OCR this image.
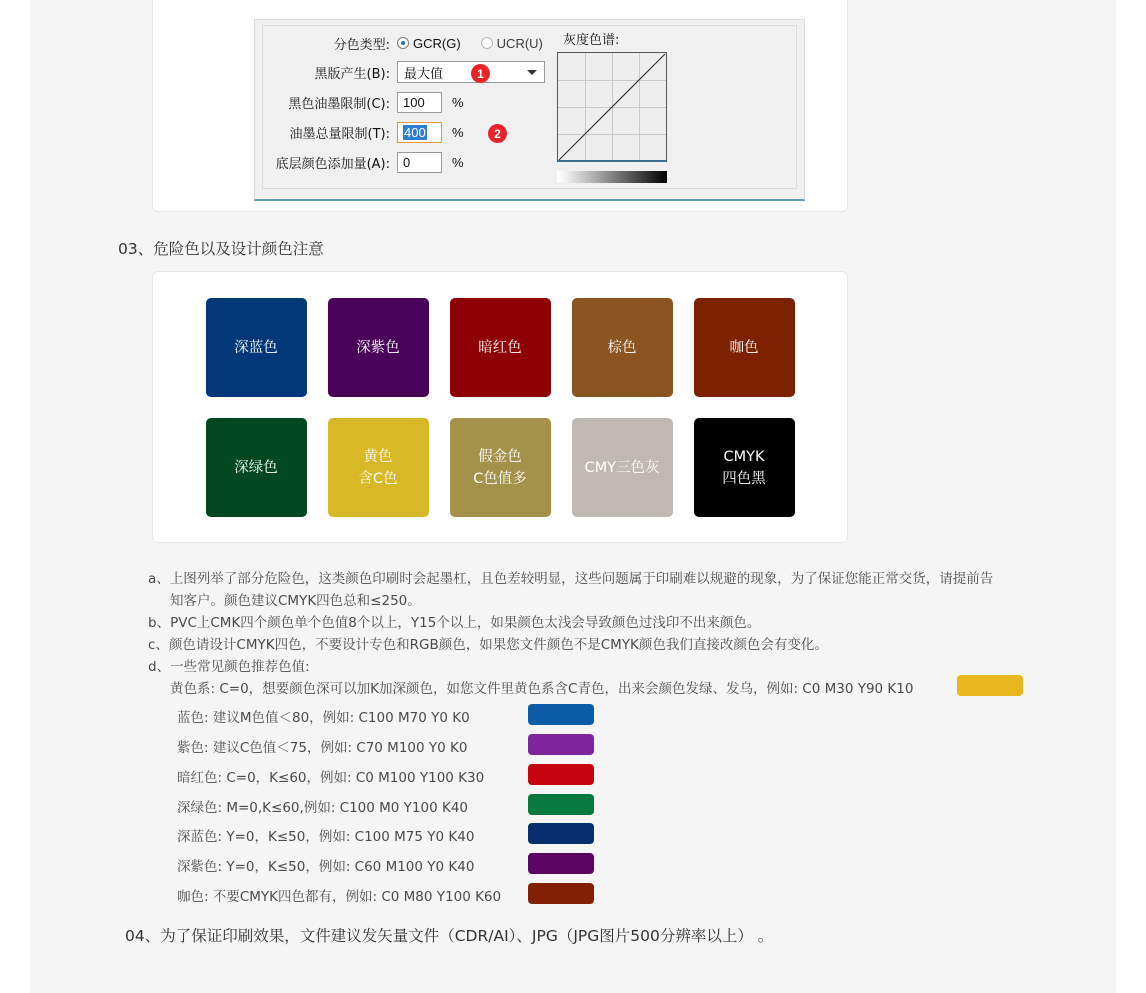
分色类型:	GCR(G)	UCR(U)
黑版产生(B):	最大值	1
黑色油墨限制(C):	100 %
油墨总量限制(T):	400 %	2
底层颜色添加量(A):	0	%
灰度色谱:
03、危险色以及设计颜色注意
深蓝色	深紫色	暗红色	棕色	咖色
深绿色
黄色
含C色
假金色
C色值多
CMY三色灰
CMYK
四色黑
a、上图列举了部分危险色，这类颜色印刷时会起墨杠，且色差较明显，这些问题属于印刷难以规避的现象，为了保证您能正常交货，请提前告
知客户。颜色建议CMYK四色总和≤250。
b、PVC上CMK四个颜色单个色值8个以上，Y15个以上，如果颜色太浅会导致颜色过浅印不出来颜色。
c、颜色请设计CMYK四色，不要设计专色和RGB颜色，如果您文件颜色不是CMYK颜色我们直接改颜色会有变化。
d、一些常见颜色推荐色值:
黄色系: C=0，想要颜色深可以加K加深颜色，如您文件里黄色系含C青色，出来会颜色发绿、发乌，例如: C0 M30 Y90 K10
蓝色: 建议M色值＜80，例如: C100 M70 Y0 K0
紫色: 建议C色值＜75，例如: C70 M100 Y0 K0
暗红色: C=0，K≤60，例如: C0 M100 Y100 K30
深绿色: M=0,K≤60,例如: C100 M0 Y100 K40
深蓝色: Y=0，K≤50，例如: C100 M75 Y0 K40
深紫色: Y=0，K≤50，例如: C60 M100 Y0 K40
咖色: 不要CMYK四色都有，例如: C0 M80 Y100 K60
04、为了保证印刷效果，文件建议发矢量文件（CDR/AI）、JPG（JPG图片500分辨率以上） 。
